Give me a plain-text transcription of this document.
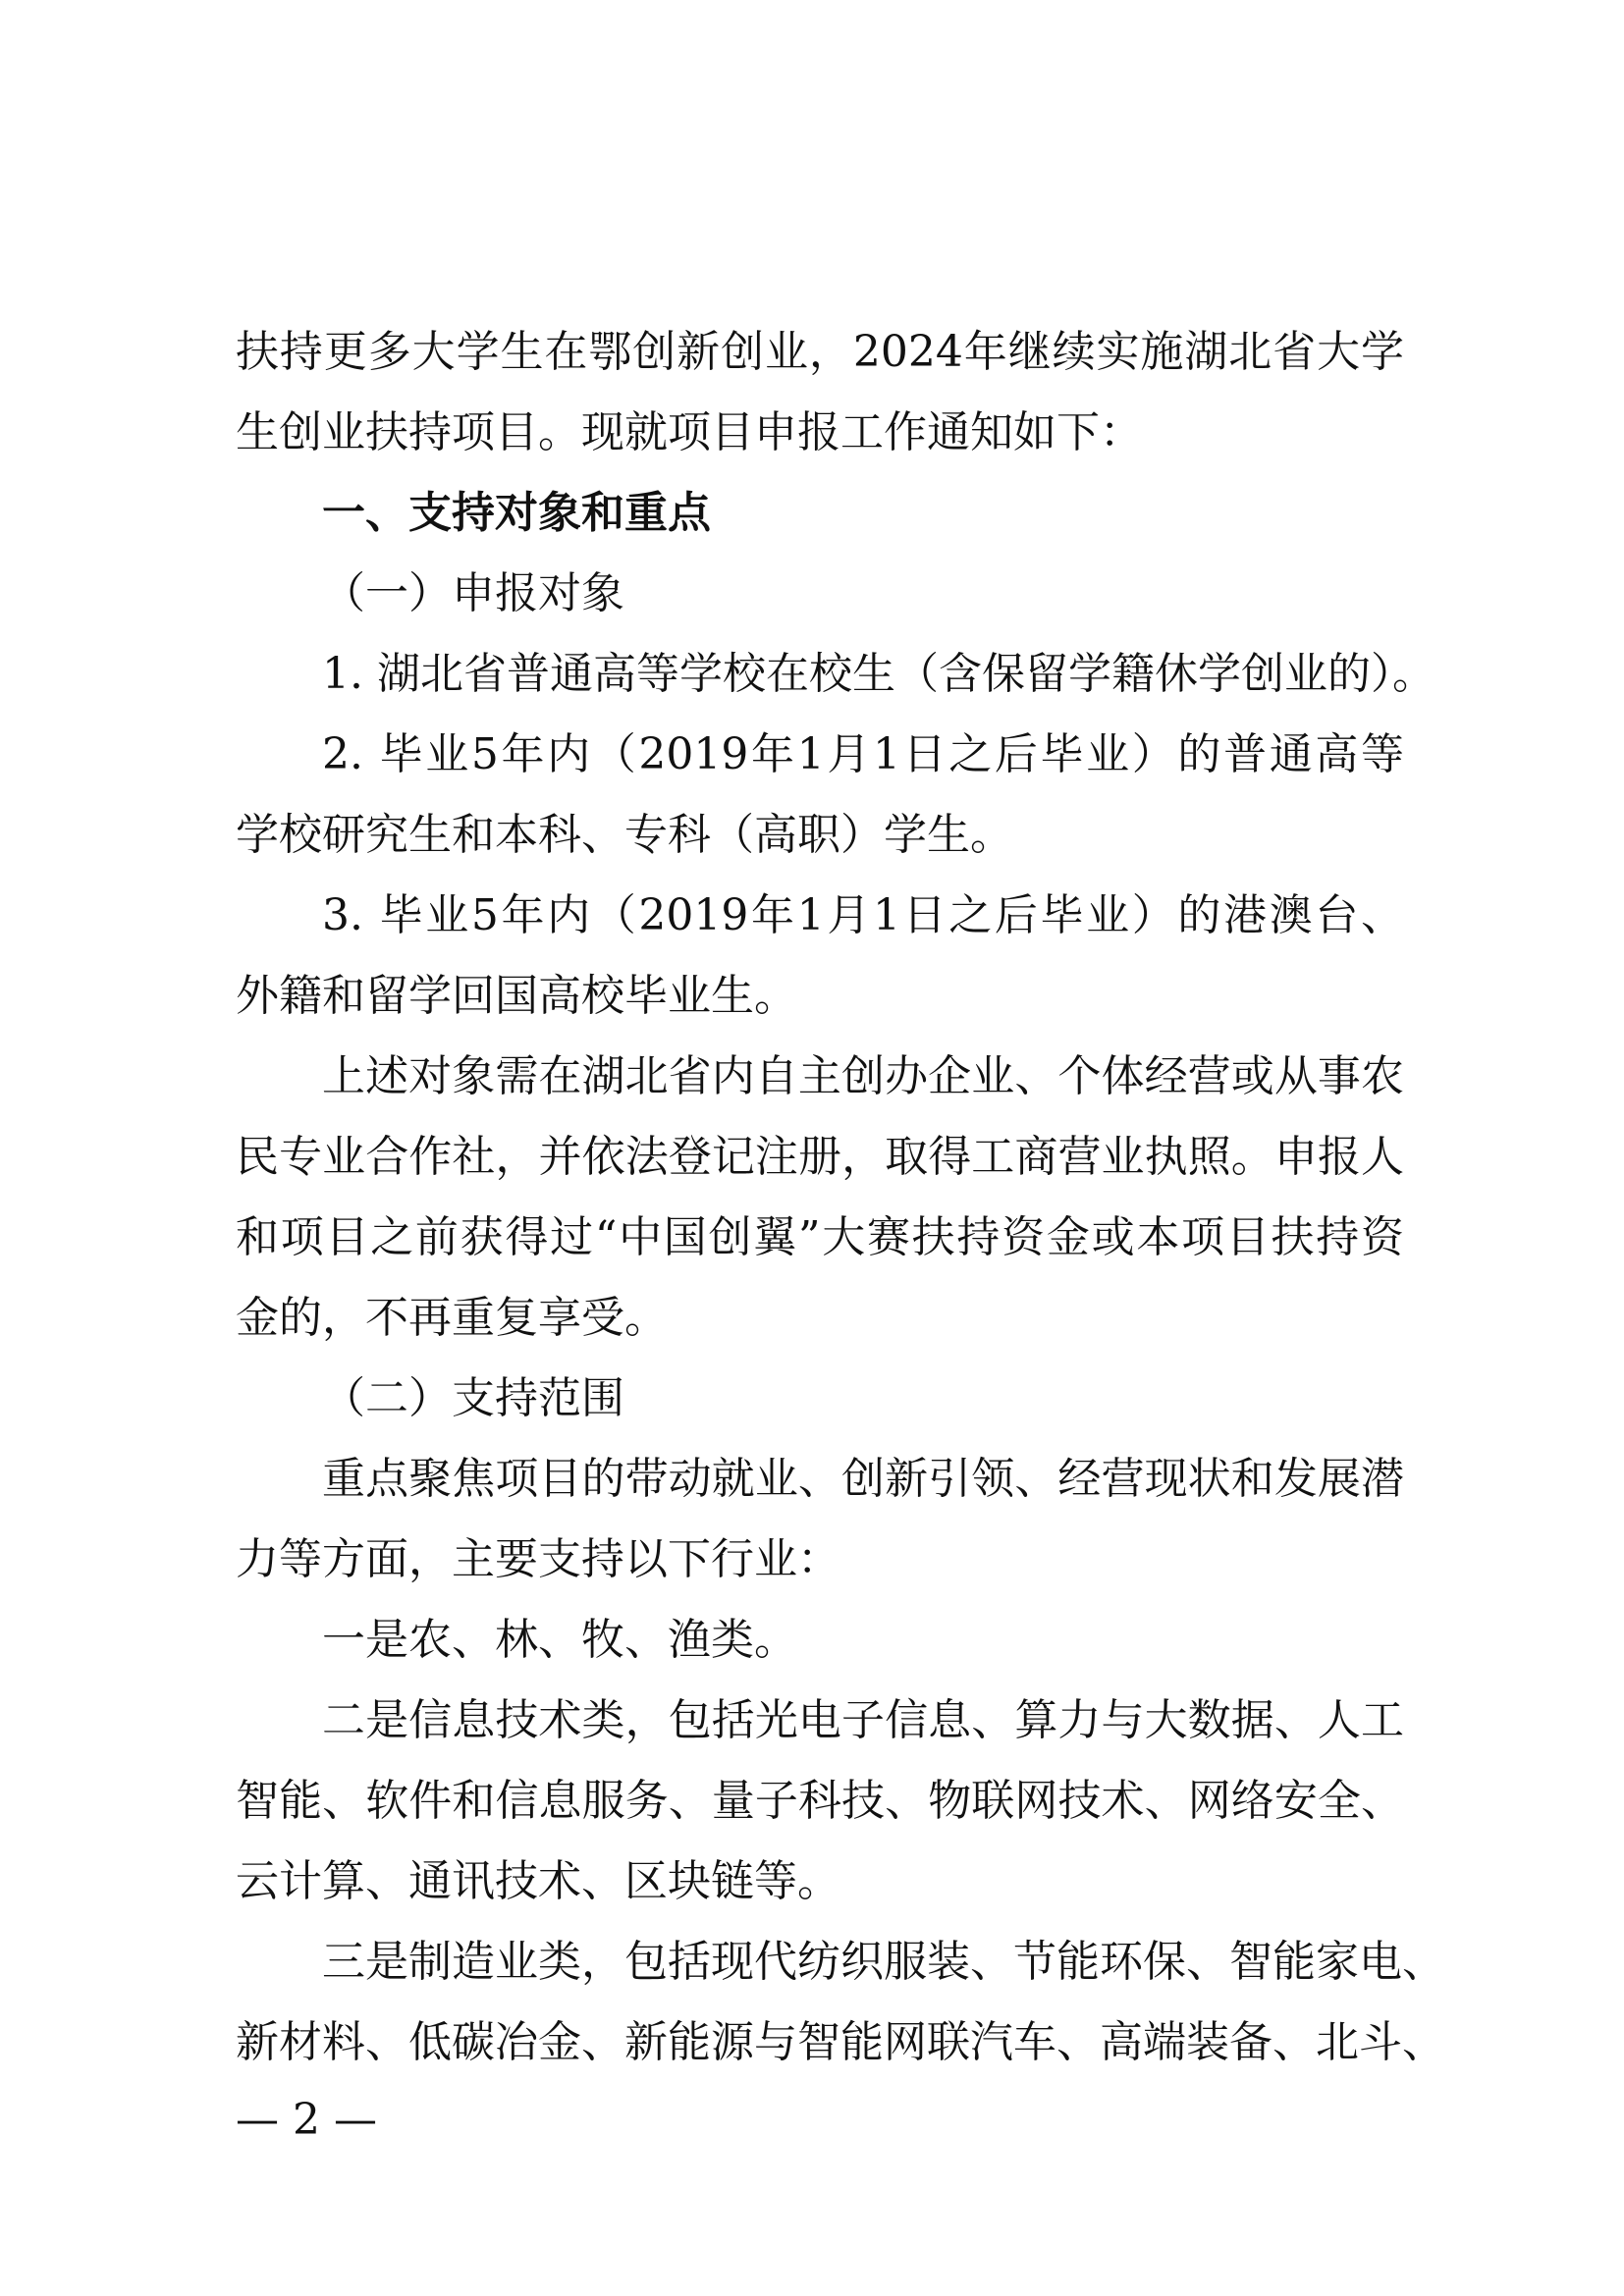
扶持更多大学生在鄂创新创业，2024年继续实施湖北省大学
生创业扶持项目。现就项目申报工作通知如下：
一、支持对象和重点
（一）申报对象
1. 湖北省普通高等学校在校生（含保留学籍休学创业的）。
2. 毕业5年内（2019年1月1日之后毕业）的普通高等
学校研究生和本科、专科（高职）学生。
3. 毕业5年内（2019年1月1日之后毕业）的港澳台、
外籍和留学回国高校毕业生。
上述对象需在湖北省内自主创办企业、个体经营或从事农
民专业合作社，并依法登记注册，取得工商营业执照。申报人
和项目之前获得过“中国创翼”大赛扶持资金或本项目扶持资
金的，不再重复享受。
（二）支持范围
重点聚焦项目的带动就业、创新引领、经营现状和发展潜
力等方面，主要支持以下行业：
一是农、林、牧、渔类。
二是信息技术类，包括光电子信息、算力与大数据、人工
智能、软件和信息服务、量子科技、物联网技术、网络安全、
云计算、通讯技术、区块链等。
三是制造业类，包括现代纺织服装、节能环保、智能家电、
新材料、低碳冶金、新能源与智能网联汽车、高端装备、北斗、
— 2 —
